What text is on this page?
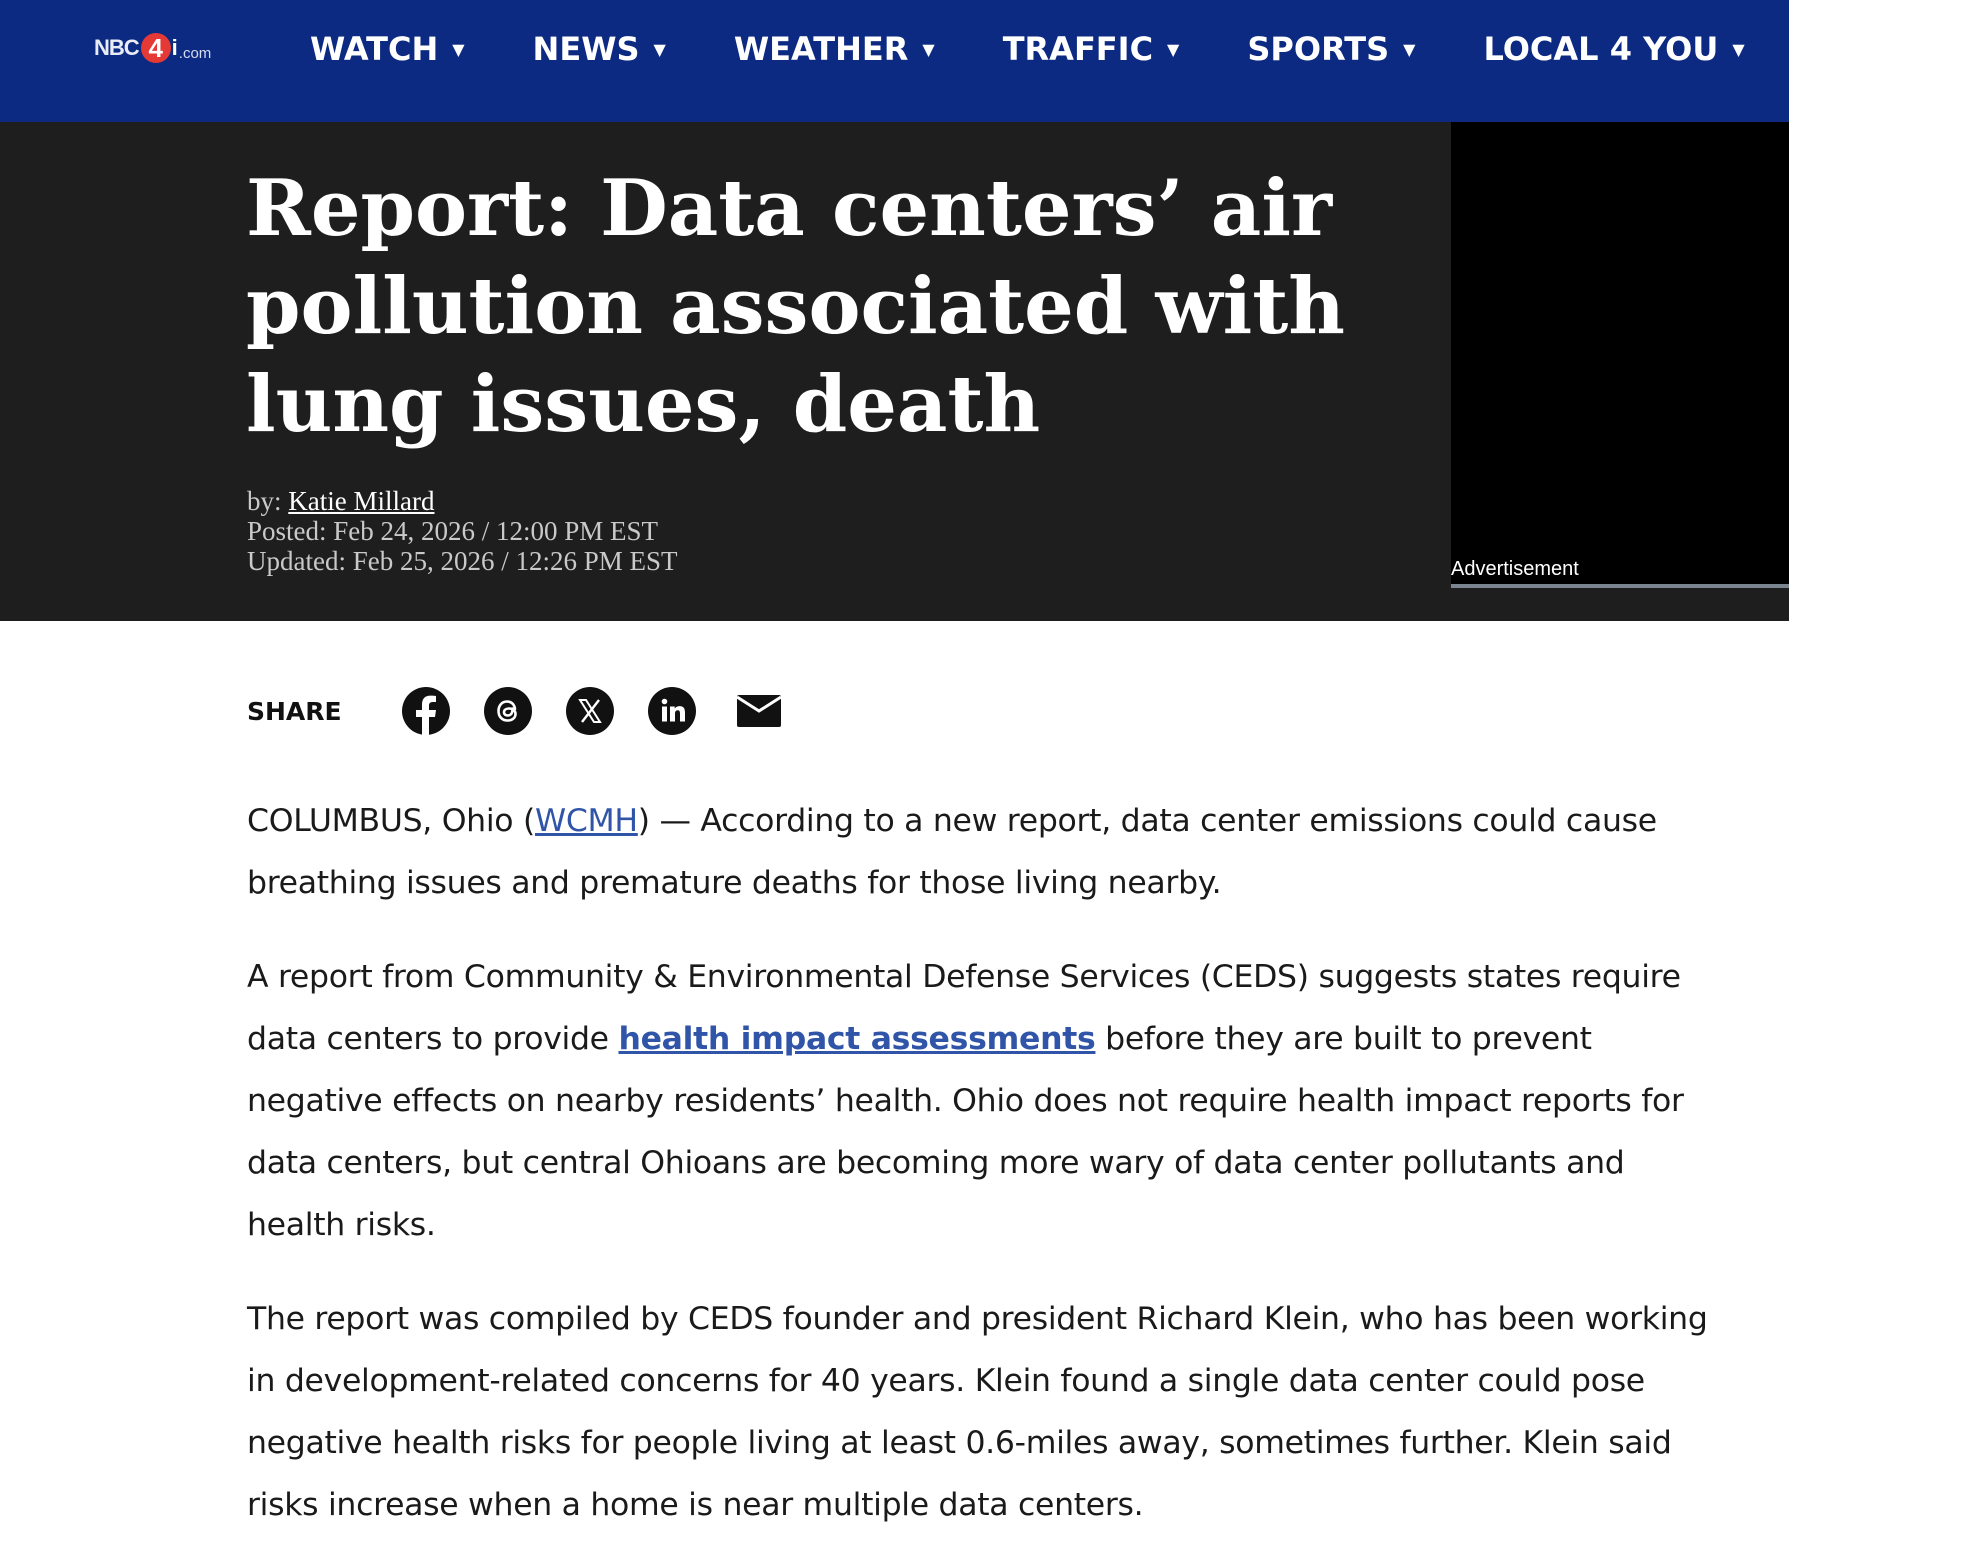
NBC 4 i .com	WATCH ▼ NEWS ▼ WEATHER ▼ TRAFFIC ▼ SPORTS ▼ LOCAL 4 YOU ▼ COLU
Report: Data centers’ air pollution associated with lung issues, death
by: Katie Millard
Posted: Feb 24, 2026 / 12:00 PM EST
Updated: Feb 25, 2026 / 12:26 PM EST	Advertisement
SHARE

COLUMBUS, Ohio (WCMH) — According to a new report, data center emissions could cause breathing issues and premature deaths for those living nearby.

A report from Community & Environmental Defense Services (CEDS) suggests states require data centers to provide health impact assessments before they are built to prevent negative effects on nearby residents’ health. Ohio does not require health impact reports for data centers, but central Ohioans are becoming more wary of data center pollutants and health risks.

The report was compiled by CEDS founder and president Richard Klein, who has been working in development-related concerns for 40 years. Klein found a single data center could pose negative health risks for people living at least 0.6-miles away, sometimes further. Klein said risks increase when a home is near multiple data centers.
